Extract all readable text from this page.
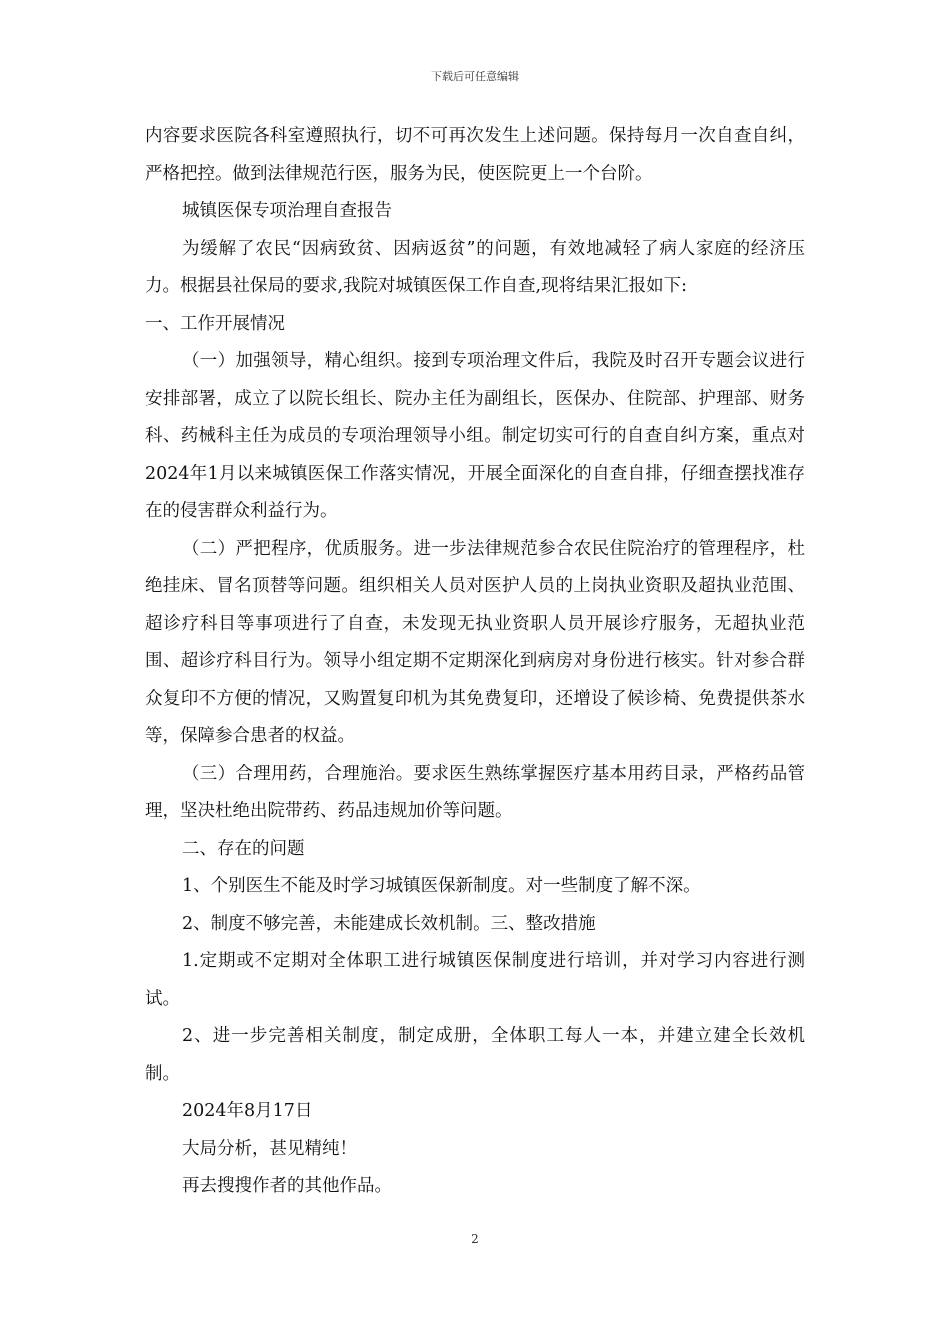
下载后可任意编辑

内容要求医院各科室遵照执行，切不可再次发生上述问题。保持每月一次自查自纠，严格把控。做到法律规范行医，服务为民，使医院更上一个台阶。

城镇医保专项治理自查报告

为缓解了农民“因病致贫、因病返贫”的问题，有效地减轻了病人家庭的经济压力。根据县社保局的要求,我院对城镇医保工作自查,现将结果汇报如下:

一、工作开展情况

（一）加强领导，精心组织。接到专项治理文件后，我院及时召开专题会议进行安排部署，成立了以院长组长、院办主任为副组长，医保办、住院部、护理部、财务科、药械科主任为成员的专项治理领导小组。制定切实可行的自查自纠方案，重点对2024年1月以来城镇医保工作落实情况，开展全面深化的自查自排，仔细查摆找准存在的侵害群众利益行为。

（二）严把程序，优质服务。进一步法律规范参合农民住院治疗的管理程序，杜绝挂床、冒名顶替等问题。组织相关人员对医护人员的上岗执业资职及超执业范围、超诊疗科目等事项进行了自查，未发现无执业资职人员开展诊疗服务，无超执业范围、超诊疗科目行为。领导小组定期不定期深化到病房对身份进行核实。针对参合群众复印不方便的情况，又购置复印机为其免费复印，还增设了候诊椅、免费提供茶水等，保障参合患者的权益。

（三）合理用药，合理施治。要求医生熟练掌握医疗基本用药目录，严格药品管理，坚决杜绝出院带药、药品违规加价等问题。

二、存在的问题

1、个别医生不能及时学习城镇医保新制度。对一些制度了解不深。

2、制度不够完善，未能建成长效机制。三、整改措施

1.定期或不定期对全体职工进行城镇医保制度进行培训，并对学习内容进行测试。

2、进一步完善相关制度，制定成册，全体职工每人一本，并建立建全长效机制。

2024年8月17日

大局分析，甚见精纯！

再去搜搜作者的其他作品。

2
